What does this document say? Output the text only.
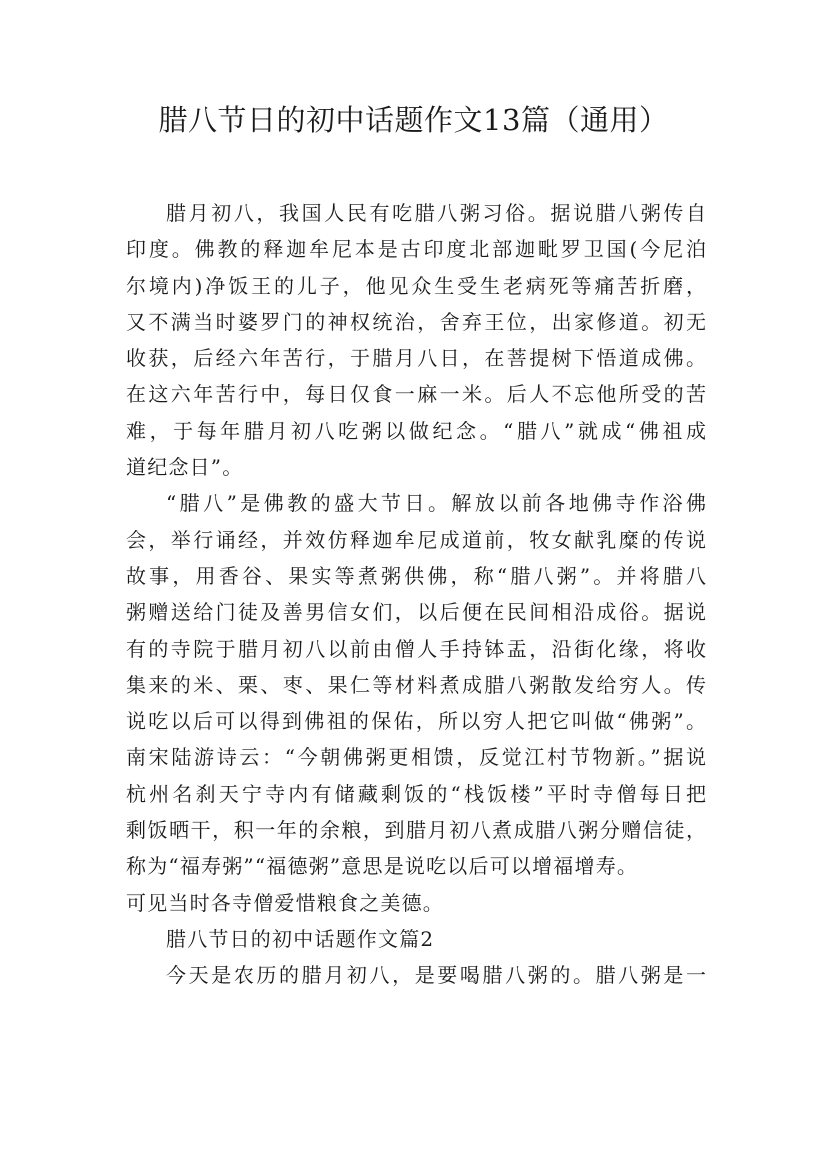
腊八节日的初中话题作文13篇（通用）
腊月初八，我国人民有吃腊八粥习俗。据说腊八粥传自
印度。佛教的释迦牟尼本是古印度北部迦毗罗卫国(今尼泊
尔境内)净饭王的儿子，他见众生受生老病死等痛苦折磨，
又不满当时婆罗门的神权统治，舍弃王位，出家修道。初无
收获，后经六年苦行，于腊月八日，在菩提树下悟道成佛。
在这六年苦行中，每日仅食一麻一米。后人不忘他所受的苦
难，于每年腊月初八吃粥以做纪念。“腊八”就成“佛祖成
道纪念日”。
“腊八”是佛教的盛大节日。解放以前各地佛寺作浴佛
会，举行诵经，并效仿释迦牟尼成道前，牧女献乳糜的传说
故事，用香谷、果实等煮粥供佛，称“腊八粥”。并将腊八
粥赠送给门徒及善男信女们，以后便在民间相沿成俗。据说
有的寺院于腊月初八以前由僧人手持钵盂，沿街化缘，将收
集来的米、栗、枣、果仁等材料煮成腊八粥散发给穷人。传
说吃以后可以得到佛祖的保佑，所以穷人把它叫做“佛粥”。
南宋陆游诗云：“今朝佛粥更相馈，反觉江村节物新。”据说
杭州名刹天宁寺内有储藏剩饭的“栈饭楼”平时寺僧每日把
剩饭晒干，积一年的余粮，到腊月初八煮成腊八粥分赠信徒，
称为“福寿粥”“福德粥”意思是说吃以后可以增福增寿。
可见当时各寺僧爱惜粮食之美德。
腊八节日的初中话题作文篇2
今天是农历的腊月初八，是要喝腊八粥的。腊八粥是一
